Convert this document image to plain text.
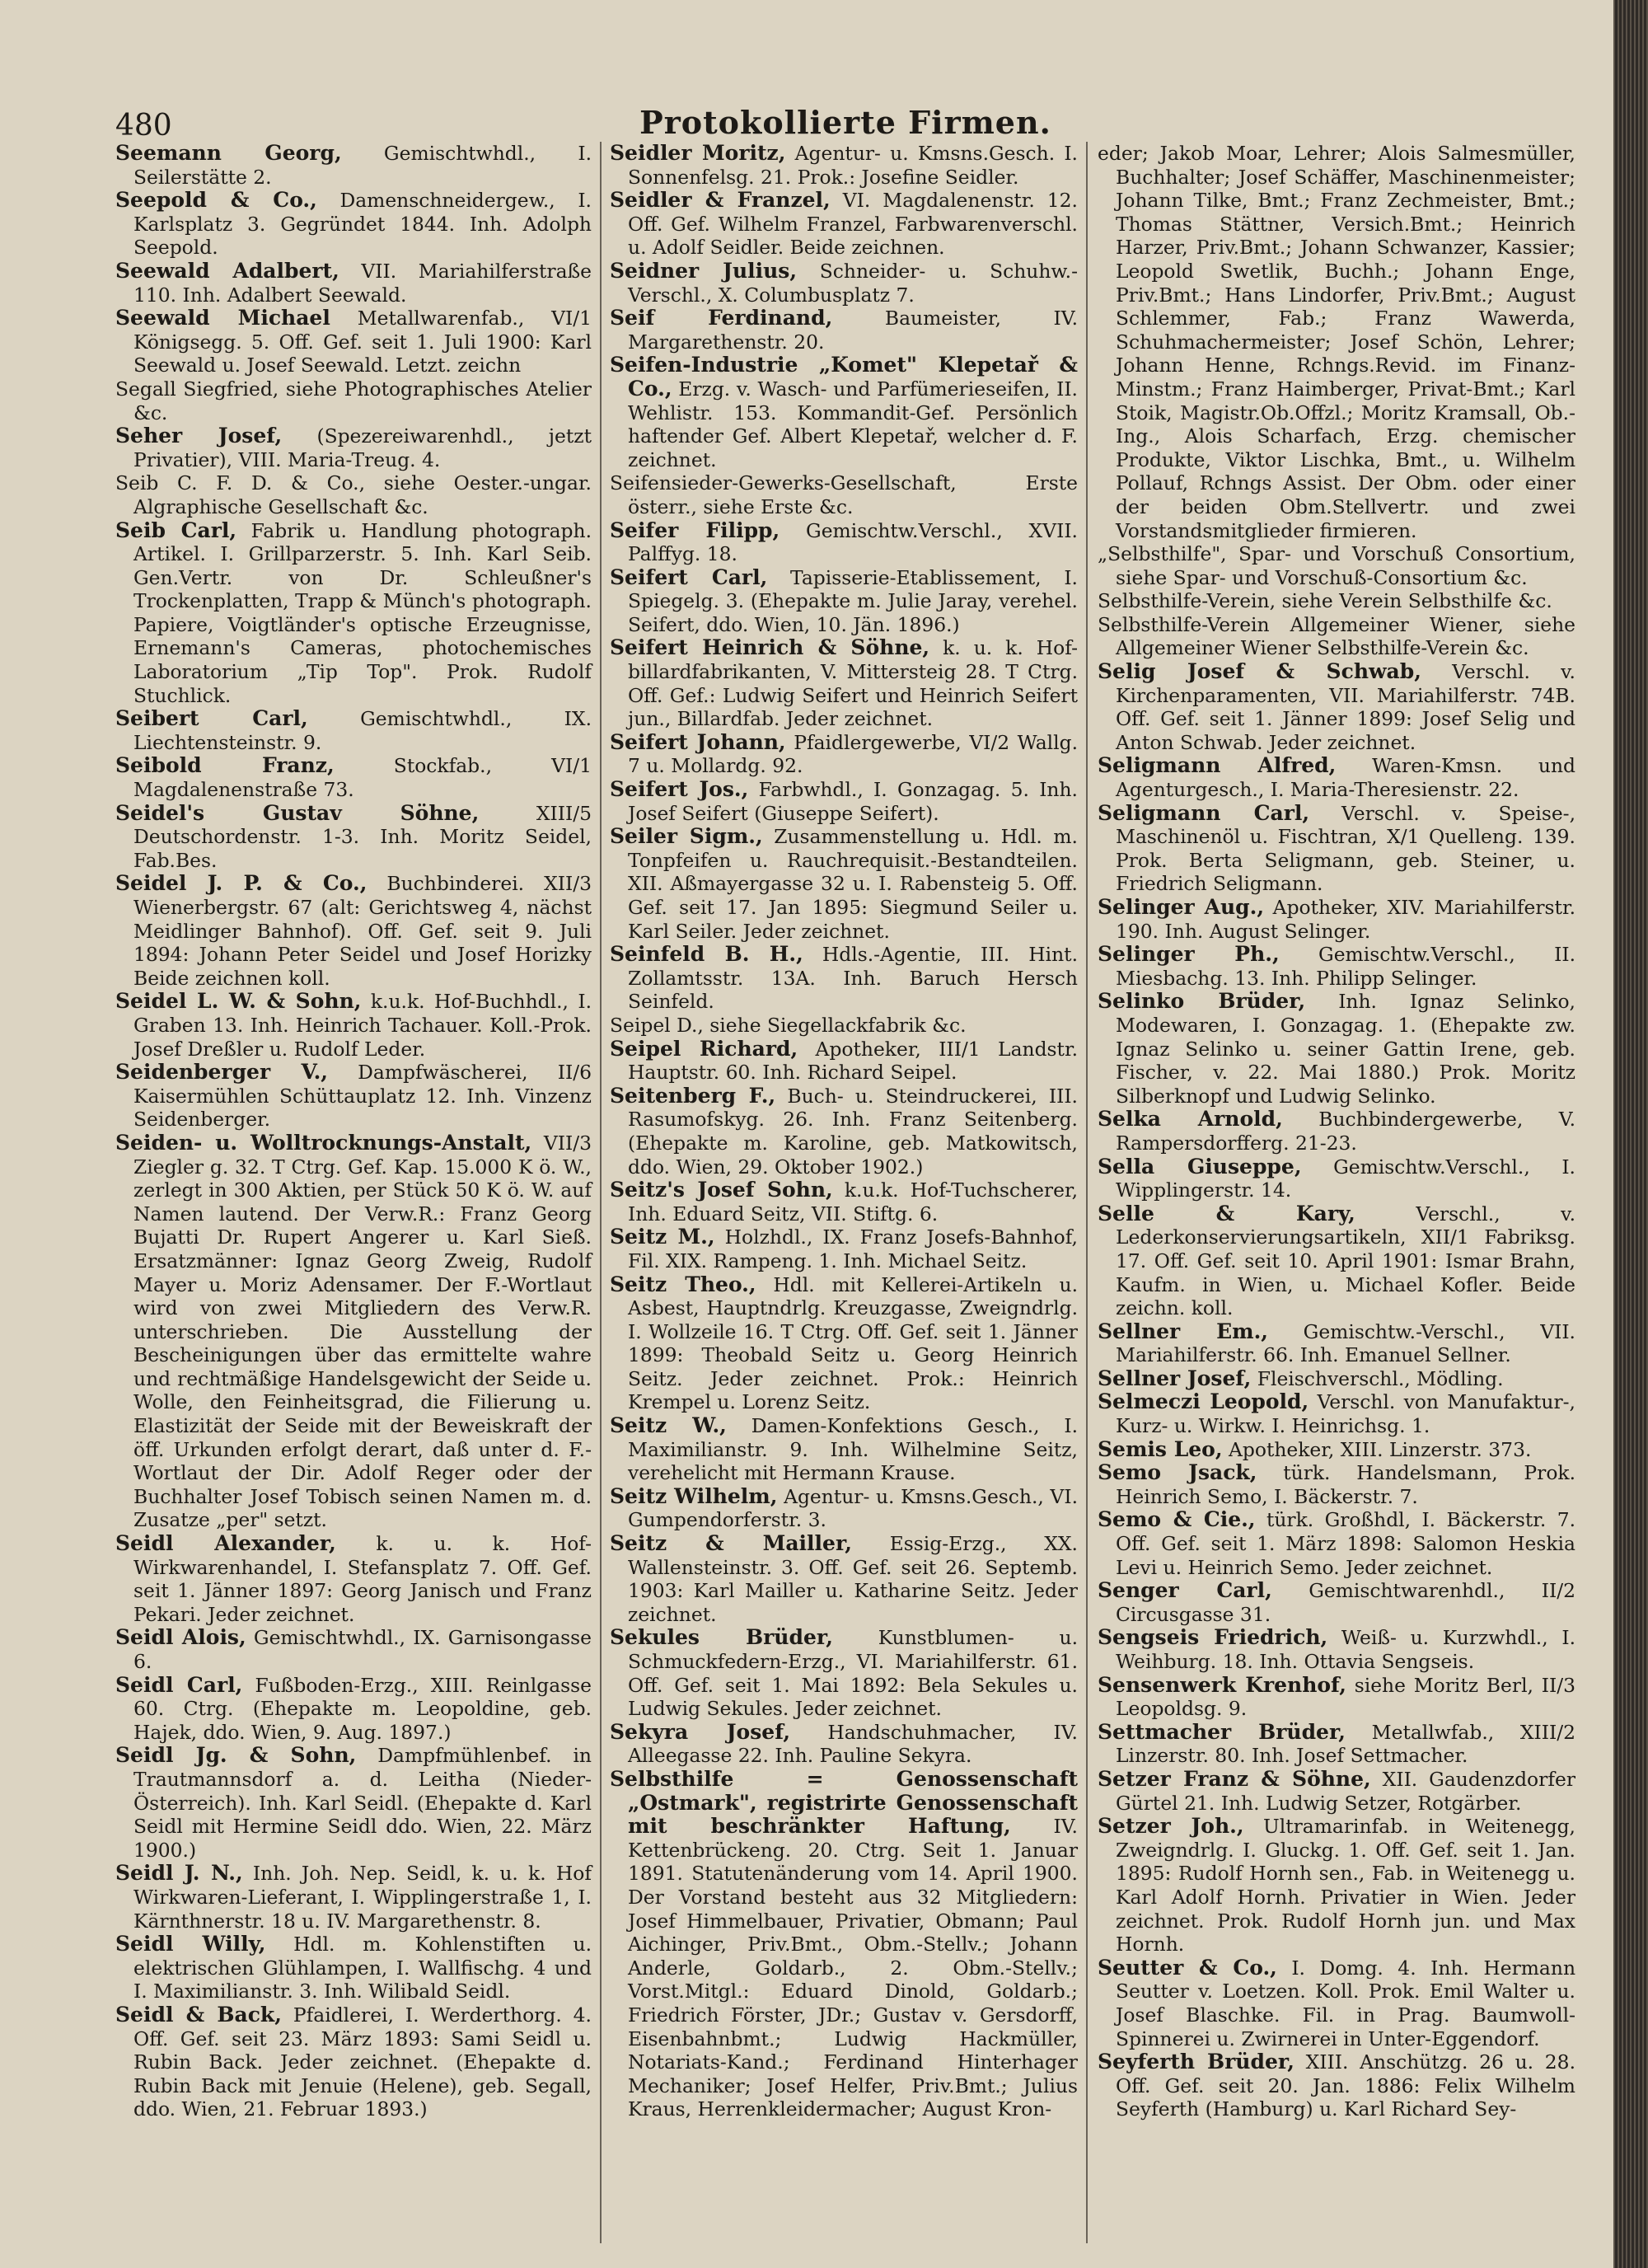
480	Protokollierte Firmen.
Seemann Georg, Gemischtwhdl., I. Seilerstätte 2.
Seepold & Co., Damenschneidergew., I. Karlsplatz 3. Gegründet 1844. Inh. Adolph Seepold.
Seewald Adalbert, VII. Mariahilferstraße 110. Inh. Adalbert Seewald.
Seewald Michael Metallwarenfab., VI/1 Königsegg. 5. Off. Gef. seit 1. Juli 1900: Karl Seewald u. Josef Seewald. Letzt. zeichn
Segall Siegfried, siehe Photographisches Atelier &c.
Seher Josef, (Spezereiwarenhdl., jetzt Privatier), VIII. Maria-Treug. 4.
Seib C. F. D. & Co., siehe Oester.-ungar. Algraphische Gesellschaft &c.
Seib Carl, Fabrik u. Handlung photograph. Artikel. I. Grillparzerstr. 5. Inh. Karl Seib. Gen.Vertr. von Dr. Schleußner's Trockenplatten, Trapp & Münch's photograph. Papiere, Voigtländer's optische Erzeugnisse, Ernemann's Cameras, photochemisches Laboratorium „Tip Top". Prok. Rudolf Stuchlick.
Seibert Carl,	Gemischtwhdl., IX. Liechtensteinstr. 9.
Seibold Franz,	Stockfab., VI/1 Magdalenenstraße 73.
Seidel's Gustav Söhne,	XIII/5 Deutschordenstr. 1-3. Inh. Moritz Seidel, Fab.Bes.
Seidel J. P. & Co., Buchbinderei. XII/3 Wienerbergstr. 67 (alt: Gerichtsweg 4, nächst Meidlinger Bahnhof). Off. Gef. seit 9. Juli 1894: Johann Peter Seidel und Josef Horizky Beide zeichnen koll.
Seidel L. W. & Sohn, k.u.k. Hof-Buchhdl., I. Graben 13. Inh. Heinrich Tachauer. Koll.-Prok. Josef Dreßler u. Rudolf Leder.
Seidenberger V., Dampfwäscherei, II/6 Kaisermühlen Schüttauplatz 12. Inh. Vinzenz Seidenberger.
Seiden- u. Wolltrocknungs-Anstalt, VII/3 Ziegler g. 32. T Ctrg. Gef. Kap. 15.000 K ö. W., zerlegt in 300 Aktien, per Stück 50 K ö. W. auf Namen lautend. Der Verw.R.: Franz Georg Bujatti Dr. Rupert Angerer u. Karl Sieß. Ersatzmänner: Ignaz Georg Zweig, Rudolf Mayer u. Moriz Adensamer. Der F.-Wortlaut wird von zwei Mitgliedern des Verw.R. unterschrieben. Die Ausstellung der Bescheinigungen über das ermittelte wahre und rechtmäßige Handelsgewicht der Seide u. Wolle, den Feinheitsgrad, die Filierung u. Elastizität der Seide mit der Beweiskraft der öff. Urkunden erfolgt derart, daß unter d. F.-Wortlaut der Dir. Adolf Reger oder der Buchhalter Josef Tobisch seinen Namen m. d. Zusatze „per" setzt.
Seidl Alexander, k. u. k. Hof-Wirkwarenhandel, I. Stefansplatz 7. Off. Gef. seit 1. Jänner 1897: Georg Janisch und Franz Pekari. Jeder zeichnet.
Seidl Alois, Gemischtwhdl., IX. Garnisongasse 6.
Seidl Carl, Fußboden-Erzg., XIII. Reinlgasse 60. Ctrg. (Ehepakte m. Leopoldine, geb. Hajek, ddo. Wien, 9. Aug. 1897.)
Seidl Jg. & Sohn, Dampfmühlenbef. in Trautmannsdorf a. d. Leitha (Nieder-Österreich). Inh. Karl Seidl. (Ehepakte d. Karl Seidl mit Hermine Seidl ddo. Wien, 22. März 1900.)
Seidl J. N., Inh. Joh. Nep. Seidl, k. u. k. Hof Wirkwaren-Lieferant, I. Wipplingerstraße 1, I. Kärnthnerstr. 18 u. IV. Margarethenstr. 8.
Seidl Willy, Hdl. m. Kohlenstiften u. elektrischen Glühlampen, I. Wallfischg. 4 und I. Maximilianstr. 3. Inh. Wilibald Seidl.
Seidl & Back, Pfaidlerei, I. Werderthorg. 4. Off. Gef. seit 23. März 1893: Sami Seidl u. Rubin Back. Jeder zeichnet. (Ehepakte d. Rubin Back mit Jenuie (Helene), geb. Segall, ddo. Wien, 21. Februar 1893.)
Seidler Moritz, Agentur- u. Kmsns.Gesch. I. Sonnenfelsg. 21. Prok.: Josefine Seidler.
Seidler & Franzel, VI. Magdalenenstr. 12. Off. Gef. Wilhelm Franzel, Farbwarenverschl. u. Adolf Seidler. Beide zeichnen.
Seidner Julius, Schneider- u. Schuhw.-Verschl., X. Columbusplatz 7.
Seif Ferdinand,	Baumeister, IV. Margarethenstr. 20.
Seifen-Industrie „Komet" Klepetař & Co., Erzg. v. Wasch- und Parfümerieseifen, II. Wehlistr. 153. Kommandit-Gef. Persönlich haftender Gef. Albert Klepetař, welcher d. F. zeichnet.
Seifensieder-Gewerks-Gesellschaft, Erste österr., siehe Erste &c.
Seifer Filipp, Gemischtw.Verschl., XVII. Palffyg. 18.
Seifert Carl, Tapisserie-Etablissement, I. Spiegelg. 3. (Ehepakte m. Julie Jaray, verehel. Seifert, ddo. Wien, 10. Jän. 1896.)
Seifert Heinrich & Söhne, k. u. k. Hof-billardfabrikanten, V. Mittersteig 28. T Ctrg. Off. Gef.: Ludwig Seifert und Heinrich Seifert jun., Billardfab. Jeder zeichnet.
Seifert Johann, Pfaidlergewerbe, VI/2 Wallg. 7 u. Mollardg. 92.
Seifert Jos., Farbwhdl., I. Gonzagag. 5. Inh. Josef Seifert (Giuseppe Seifert).
Seiler Sigm., Zusammenstellung u. Hdl. m. Tonpfeifen u. Rauchrequisit.-Bestandteilen. XII. Aßmayergasse 32 u. I. Rabensteig 5. Off. Gef. seit 17. Jan 1895: Siegmund Seiler u. Karl Seiler. Jeder zeichnet.
Seinfeld B. H., Hdls.-Agentie, III. Hint. Zollamtsstr. 13A. Inh. Baruch Hersch Seinfeld.
Seipel D., siehe Siegellackfabrik &c.
Seipel Richard, Apotheker, III/1 Landstr. Hauptstr. 60. Inh. Richard Seipel.
Seitenberg F., Buch- u. Steindruckerei, III. Rasumofskyg. 26. Inh. Franz Seitenberg. (Ehepakte m. Karoline, geb. Matkowitsch, ddo. Wien, 29. Oktober 1902.)
Seitz's Josef Sohn, k.u.k. Hof-Tuchscherer, Inh. Eduard Seitz, VII. Stiftg. 6.
Seitz M., Holzhdl., IX. Franz Josefs-Bahnhof, Fil. XIX. Rampeng. 1. Inh. Michael Seitz.
Seitz Theo., Hdl. mit Kellerei-Artikeln u. Asbest, Hauptndrlg. Kreuzgasse, Zweigndrlg. I. Wollzeile 16. T Ctrg. Off. Gef. seit 1. Jänner 1899: Theobald Seitz u. Georg Heinrich Seitz. Jeder zeichnet. Prok.: Heinrich Krempel u. Lorenz Seitz.
Seitz W., Damen-Konfektions Gesch., I. Maximilianstr. 9. Inh. Wilhelmine Seitz, verehelicht mit Hermann Krause.
Seitz Wilhelm, Agentur- u. Kmsns.Gesch., VI. Gumpendorferstr. 3.
Seitz & Mailler, Essig-Erzg., XX. Wallensteinstr. 3. Off. Gef. seit 26. Septemb. 1903: Karl Mailler u. Katharine Seitz. Jeder zeichnet.
Sekules Brüder, Kunstblumen- u. Schmuckfedern-Erzg., VI. Mariahilferstr. 61. Off. Gef. seit 1. Mai 1892: Bela Sekules u. Ludwig Sekules. Jeder zeichnet.
Sekyra Josef, Handschuhmacher, IV. Alleegasse 22. Inh. Pauline Sekyra.
Selbsthilfe = Genossenschaft „Ostmark", registrirte Genossenschaft mit beschränkter Haftung, IV. Kettenbrückeng. 20. Ctrg. Seit 1. Januar 1891. Statutenänderung vom 14. April 1900. Der Vorstand besteht aus 32 Mitgliedern: Josef Himmelbauer, Privatier, Obmann; Paul Aichinger, Priv.Bmt., Obm.-Stellv.; Johann Anderle, Goldarb., 2. Obm.-Stellv.; Vorst.Mitgl.: Eduard Dinold, Goldarb.; Friedrich Förster, JDr.; Gustav v. Gersdorff, Eisenbahnbmt.; Ludwig Hackmüller, Notariats-Kand.; Ferdinand Hinterhager Mechaniker; Josef Helfer, Priv.Bmt.; Julius Kraus, Herrenkleidermacher; August Kron-
eder; Jakob Moar, Lehrer; Alois Salmesmüller, Buchhalter; Josef Schäffer, Maschinenmeister; Johann Tilke, Bmt.; Franz Zechmeister, Bmt.; Thomas Stättner, Versich.Bmt.; Heinrich Harzer, Priv.Bmt.; Johann Schwanzer, Kassier; Leopold Swetlik, Buchh.; Johann Enge, Priv.Bmt.; Hans Lindorfer, Priv.Bmt.; August Schlemmer, Fab.; Franz Wawerda, Schuhmachermeister; Josef Schön, Lehrer; Johann Henne, Rchngs.Revid. im Finanz-Minstm.; Franz Haimberger, Privat-Bmt.; Karl Stoik, Magistr.Ob.Offzl.; Moritz Kramsall, Ob.-Ing., Alois Scharfach, Erzg. chemischer Produkte, Viktor Lischka, Bmt., u. Wilhelm Pollauf, Rchngs Assist. Der Obm. oder einer der beiden Obm.Stellvertr. und zwei Vorstandsmitglieder firmieren.
„Selbsthilfe", Spar- und Vorschuß Consortium, siehe Spar- und Vorschuß-Consortium &c.
Selbsthilfe-Verein, siehe Verein Selbsthilfe &c.
Selbsthilfe-Verein Allgemeiner Wiener, siehe Allgemeiner Wiener Selbsthilfe-Verein &c.
Selig Josef & Schwab, Verschl. v. Kirchenparamenten, VII. Mariahilferstr. 74B. Off. Gef. seit 1. Jänner 1899: Josef Selig und Anton Schwab. Jeder zeichnet.
Seligmann Alfred, Waren-Kmsn. und Agenturgesch., I. Maria-Theresienstr. 22.
Seligmann Carl, Verschl. v. Speise-, Maschinenöl u. Fischtran, X/1 Quelleng. 139. Prok. Berta Seligmann, geb. Steiner, u. Friedrich Seligmann.
Selinger Aug., Apotheker, XIV. Mariahilferstr. 190. Inh. August Selinger.
Selinger Ph., Gemischtw.Verschl., II. Miesbachg. 13. Inh. Philipp Selinger.
Selinko Brüder, Inh. Ignaz Selinko, Modewaren, I. Gonzagag. 1. (Ehepakte zw. Ignaz Selinko u. seiner Gattin Irene, geb. Fischer, v. 22. Mai 1880.) Prok. Moritz Silberknopf und Ludwig Selinko.
Selka Arnold, Buchbindergewerbe, V. Rampersdorfferg. 21-23.
Sella Giuseppe, Gemischtw.Verschl., I. Wipplingerstr. 14.
Selle & Kary,	Verschl., v. Lederkonservierungsartikeln, XII/1 Fabriksg. 17. Off. Gef. seit 10. April 1901: Ismar Brahn, Kaufm. in Wien, u. Michael Kofler. Beide zeichn. koll.
Sellner Em., Gemischtw.-Verschl., VII. Mariahilferstr. 66. Inh. Emanuel Sellner.
Sellner Josef, Fleischverschl., Mödling.
Selmeczi Leopold, Verschl. von Manufaktur-, Kurz- u. Wirkw. I. Heinrichsg. 1.
Semis Leo, Apotheker, XIII. Linzerstr. 373.
Semo Jsack, türk. Handelsmann, Prok. Heinrich Semo, I. Bäckerstr. 7.
Semo & Cie., türk. Großhdl, I. Bäckerstr. 7. Off. Gef. seit 1. März 1898: Salomon Heskia Levi u. Heinrich Semo. Jeder zeichnet.
Senger Carl, Gemischtwarenhdl., II/2 Circusgasse 31.
Sengseis Friedrich, Weiß- u. Kurzwhdl., I. Weihburg. 18. Inh. Ottavia Sengseis.
Sensenwerk Krenhof, siehe Moritz Berl, II/3 Leopoldsg. 9.
Settmacher Brüder, Metallwfab., XIII/2 Linzerstr. 80. Inh. Josef Settmacher.
Setzer Franz & Söhne, XII. Gaudenzdorfer Gürtel 21. Inh. Ludwig Setzer, Rotgärber.
Setzer Joh., Ultramarinfab. in Weitenegg, Zweigndrlg. I. Gluckg. 1. Off. Gef. seit 1. Jan. 1895: Rudolf Hornh sen., Fab. in Weitenegg u. Karl Adolf Hornh. Privatier in Wien. Jeder zeichnet. Prok. Rudolf Hornh jun. und Max Hornh.
Seutter & Co., I. Domg. 4. Inh. Hermann Seutter v. Loetzen. Koll. Prok. Emil Walter u. Josef Blaschke. Fil. in Prag. Baumwoll-Spinnerei u. Zwirnerei in Unter-Eggendorf.
Seyferth Brüder, XIII. Anschützg. 26 u. 28. Off. Gef. seit 20. Jan. 1886: Felix Wilhelm Seyferth (Hamburg) u. Karl Richard Sey-
